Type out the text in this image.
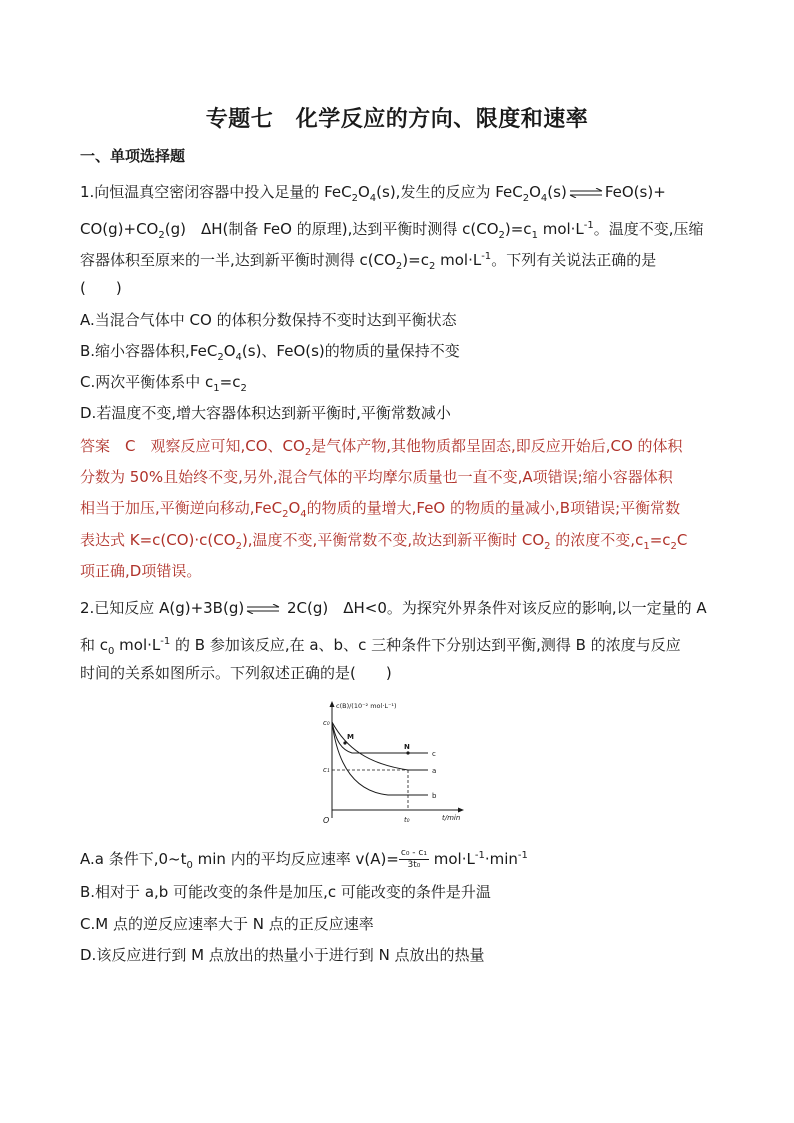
专题七　化学反应的方向、限度和速率
一、单项选择题
1.向恒温真空密闭容器中投入足量的 $FeC_2O_4(s)$,发生的反应为 $FeC_2O_4(s)$ ⇌ FeO(s)+
$CO(g)+CO_2(g)$　ΔH(制备 FeO 的原理),达到平衡时测得 $c(CO_2)=c_1$ $mol\cdot L^{-1}$。温度不变,压缩
容器体积至原来的一半,达到新平衡时测得 $c(CO_2)=c_2$ $mol\cdot L^{-1}$。下列有关说法正确的是
(　　)
A.当混合气体中 CO 的体积分数保持不变时达到平衡状态
B.缩小容器体积$,FeC_2O_4(s)$、FeO(s)的物质的量保持不变
C.两次平衡体系中 $c_1=c_2$
D.若温度不变,增大容器体积达到新平衡时,平衡常数减小
答案　C　观察反应可知,CO、$CO_2$是气体产物,其他物质都呈固态,即反应开始后,CO 的体积
分数为 50%且始终不变,另外,混合气体的平均摩尔质量也一直不变,A项错误;缩小容器体积
相当于加压,平衡逆向移动$,FeC_2O_4$的物质的量增大,FeO 的物质的量减小,B项错误;平衡常数
表达式 $K=c(CO)\cdot c(CO_2)$,温度不变,平衡常数不变,故达到新平衡时 $CO_2$ 的浓度不变$,c_1=c_2C$
项正确,D项错误。
2.已知反应 A(g)+3B(g) ⇌ 2C(g)　ΔH<0。为探究外界条件对该反应的影响,以一定量的 A
和 $c_0$ $mol\cdot L^{-1}$ 的 B 参加该反应,在 a、b、c 三种条件下分别达到平衡,测得 B 的浓度与反应
时间的关系如图所示。下列叙述正确的是(　　)
c(B)/(10⁻² mol·L⁻¹)
t/min
c₀
c₁
O	t₀
c
a
b
M
N
A.a 条件下$,0\sim t_0$ min 内的平均反应速率 $v(A)= \frac{\text{c₀ - c₁}}{\text{3t₀}} mol\cdot L^{-1}\cdot\min^{-1}$
B.相对于 a,b 可能改变的条件是加压,c 可能改变的条件是升温
C.M 点的逆反应速率大于 N 点的正反应速率
D.该反应进行到 M 点放出的热量小于进行到 N 点放出的热量
